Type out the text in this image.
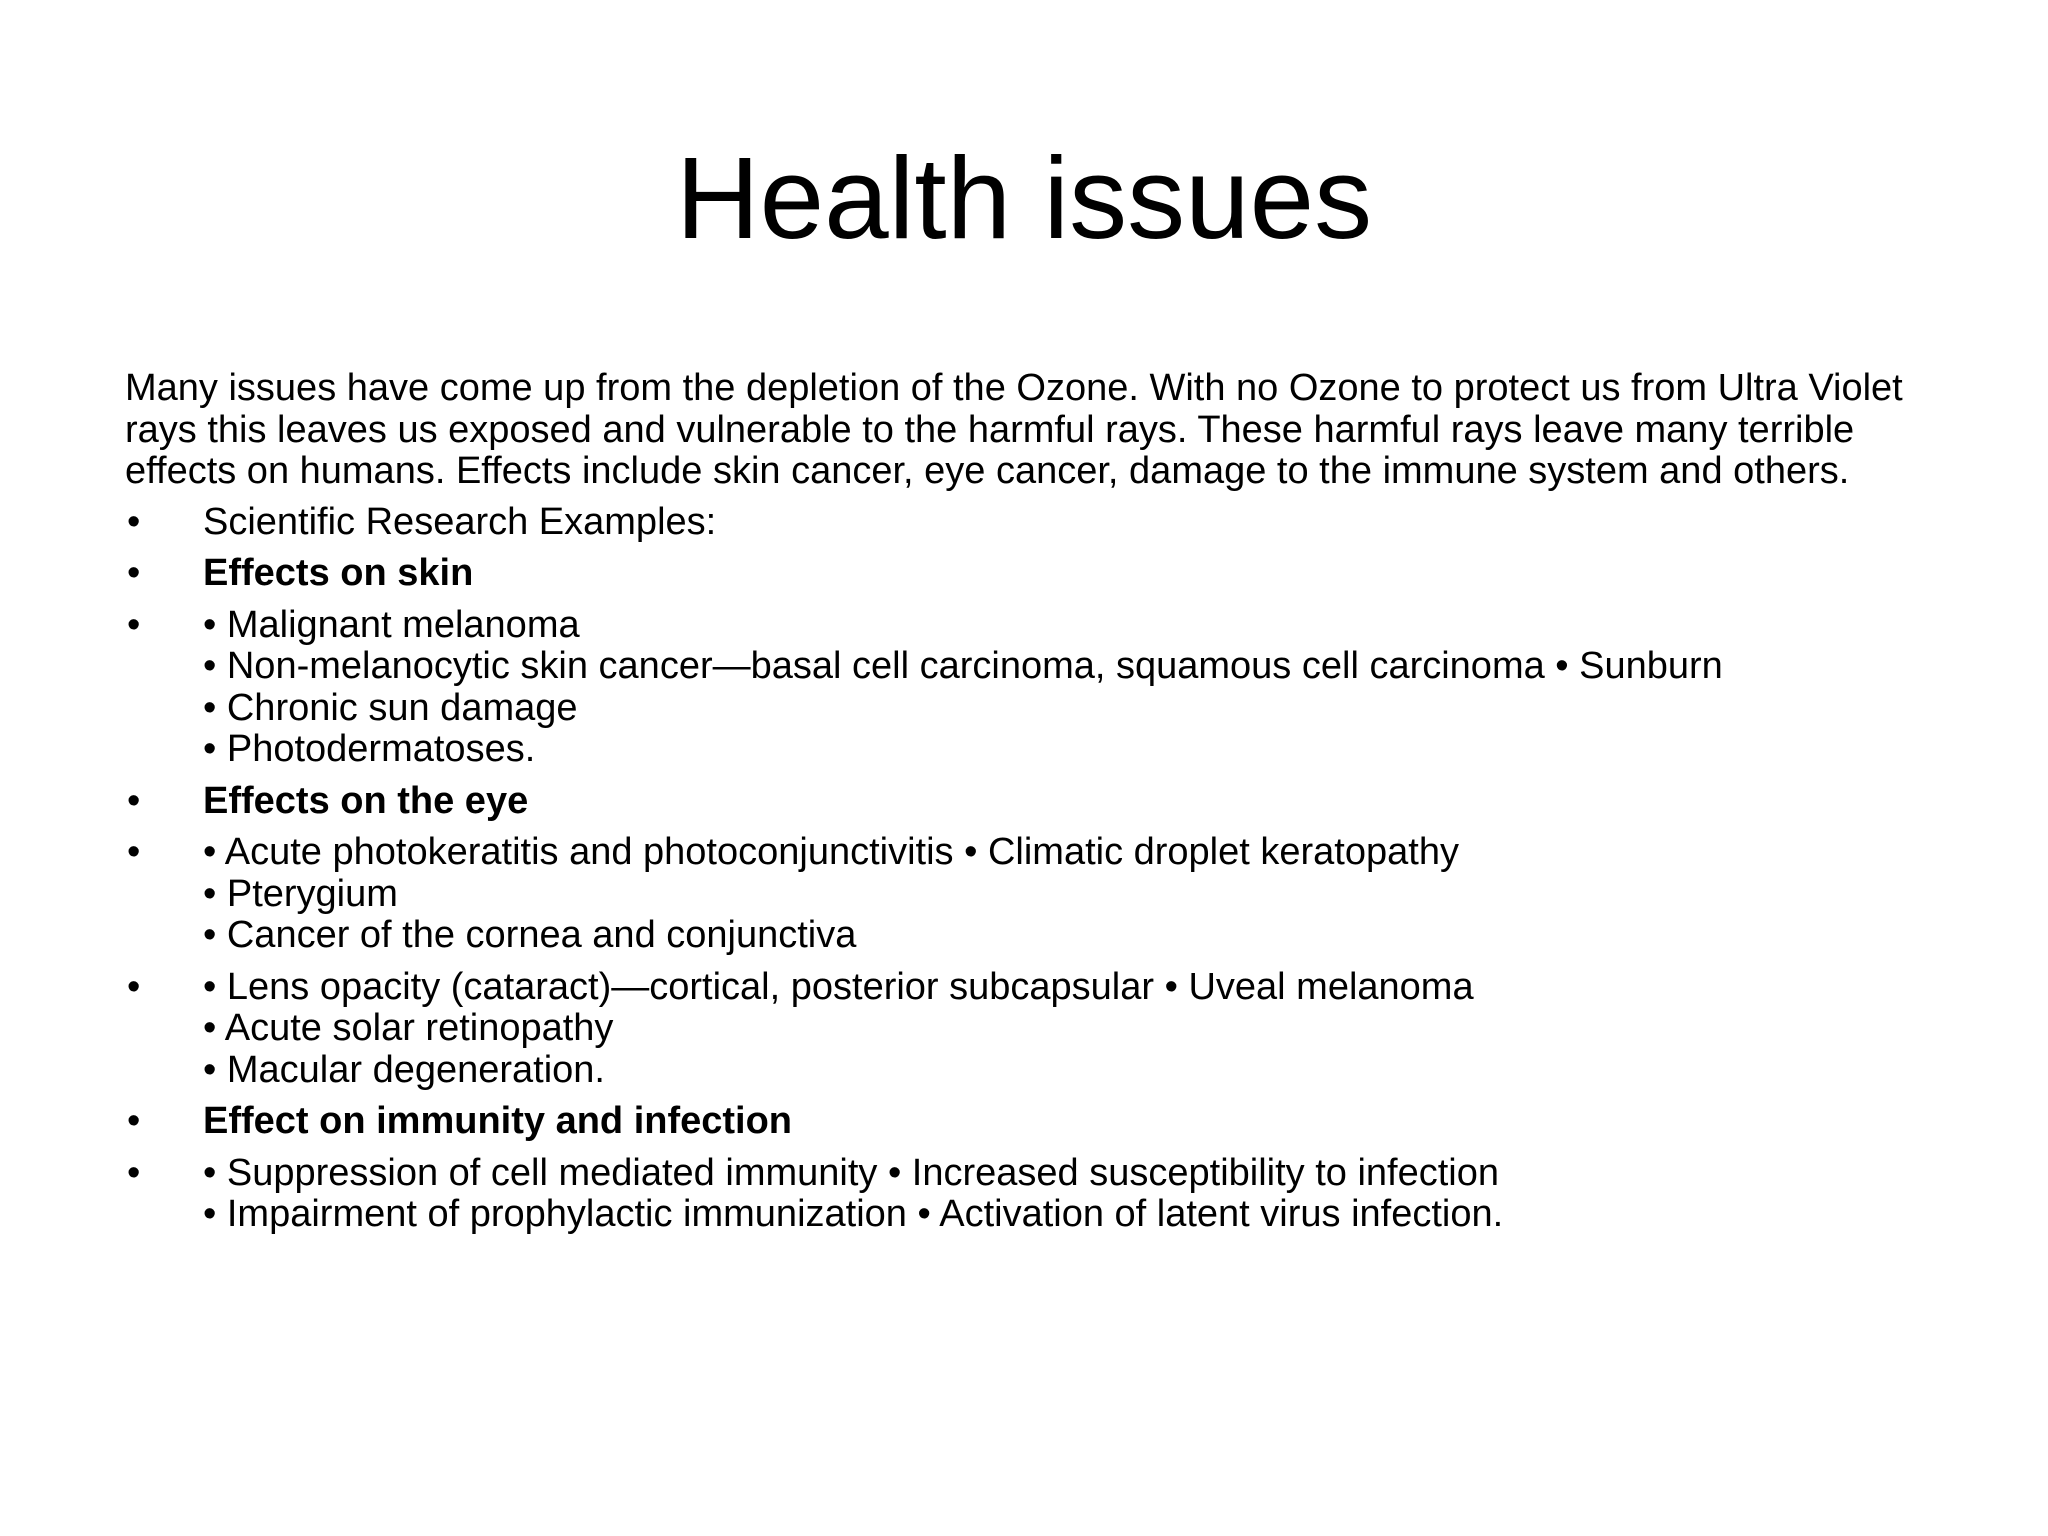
Health issues

Many issues have come up from the depletion of the Ozone. With no Ozone to protect us from Ultra Violet rays this leaves us exposed and vulnerable to the harmful rays. These harmful rays leave many terrible effects on humans. Effects include skin cancer, eye cancer, damage to the immune system and others.

•	Scientific Research Examples:
•	Effects on skin
•	• Malignant melanoma
• Non-melanocytic skin cancer—basal cell carcinoma, squamous cell carcinoma • Sunburn
• Chronic sun damage
• Photodermatoses.
•	Effects on the eye
•	• Acute photokeratitis and photoconjunctivitis • Climatic droplet keratopathy
• Pterygium
• Cancer of the cornea and conjunctiva
•	• Lens opacity (cataract)—cortical, posterior subcapsular • Uveal melanoma
• Acute solar retinopathy
• Macular degeneration.
•	Effect on immunity and infection
•	• Suppression of cell mediated immunity • Increased susceptibility to infection
• Impairment of prophylactic immunization • Activation of latent virus infection.
